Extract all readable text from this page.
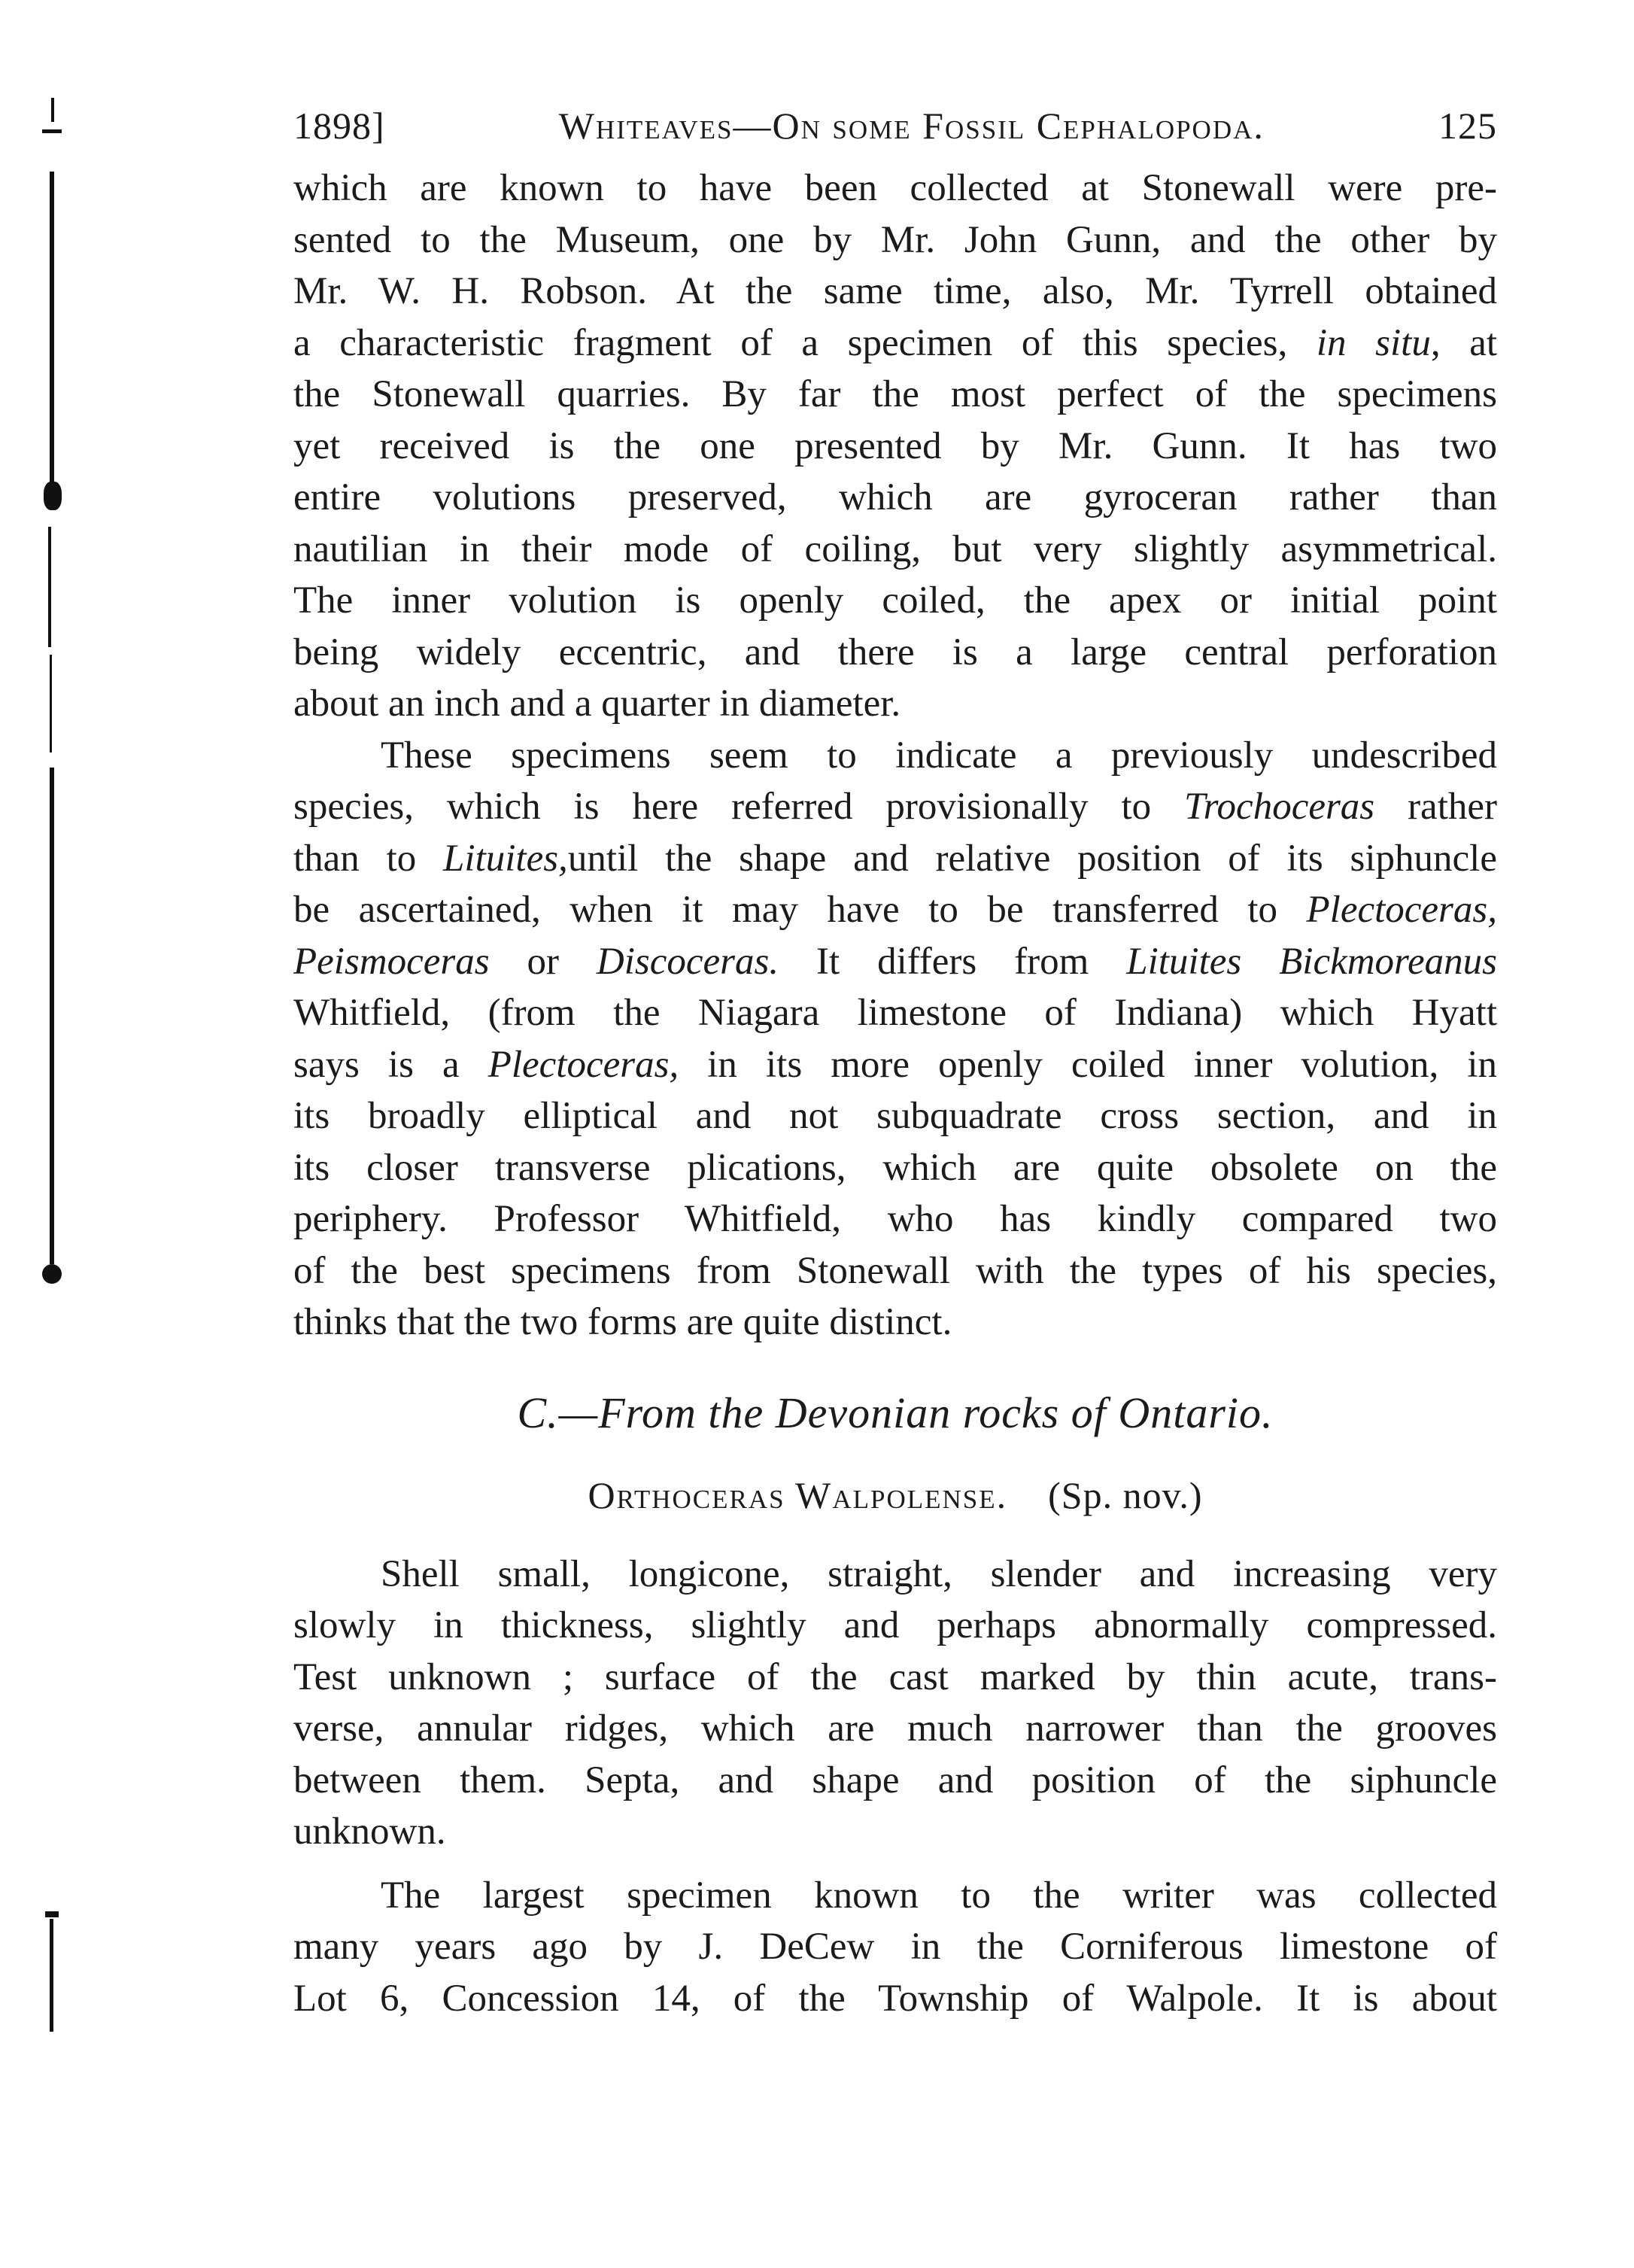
1898]	Whiteaves—On some Fossil Cephalopoda.	125
which are known to have been collected at Stonewall were pre-
sented to the Museum, one by Mr. John Gunn, and the other by
Mr. W. H. Robson. At the same time, also, Mr. Tyrrell obtained
a characteristic fragment of a specimen of this species, in situ, at
the Stonewall quarries. By far the most perfect of the specimens
yet received is the one presented by Mr. Gunn. It has two
entire volutions preserved, which are gyroceran rather than
nautilian in their mode of coiling, but very slightly asymmetrical.
The inner volution is openly coiled, the apex or initial point
being widely eccentric, and there is a large central perforation
about an inch and a quarter in diameter.
These specimens seem to indicate a previously undescribed
species, which is here referred provisionally to Trochoceras rather
than to Lituites,until the shape and relative position of its siphuncle
be ascertained, when it may have to be transferred to Plectoceras,
Peismoceras or Discoceras. It differs from Lituites Bickmoreanus
Whitfield, (from the Niagara limestone of Indiana) which Hyatt
says is a Plectoceras, in its more openly coiled inner volution, in
its broadly elliptical and not subquadrate cross section, and in
its closer transverse plications, which are quite obsolete on the
periphery. Professor Whitfield, who has kindly compared two
of the best specimens from Stonewall with the types of his species,
thinks that the two forms are quite distinct.
C.—From the Devonian rocks of Ontario.
Orthoceras Walpolense. (Sp. nov.)
Shell small, longicone, straight, slender and increasing very
slowly in thickness, slightly and perhaps abnormally compressed.
Test unknown ; surface of the cast marked by thin acute, trans-
verse, annular ridges, which are much narrower than the grooves
between them. Septa, and shape and position of the siphuncle
unknown.
The largest specimen known to the writer was collected
many years ago by J. DeCew in the Corniferous limestone of
Lot 6, Concession 14, of the Township of Walpole. It is about
